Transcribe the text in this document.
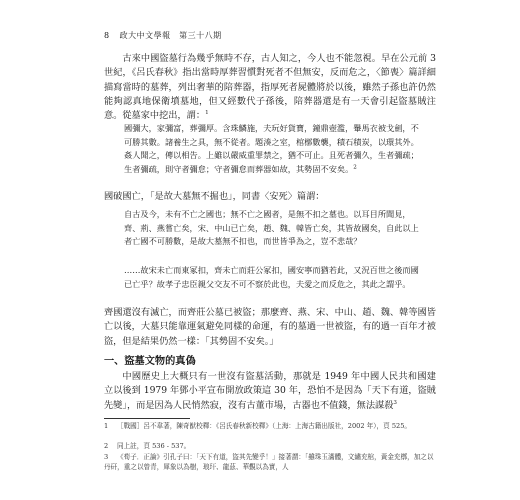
8 政大中文學報　第三十八期

古來中國盜墓行為幾乎無時不存，古人知之，今人也不能忽視。早在公元前 3 世紀，《呂氏春秋》指出當時厚葬習慣對死者不但無安，反而危之，〈節喪〉篇詳細描寫當時的墓葬，列出奢華的陪葬器，指厚死者屍體將於以後，雖然子孫也許仍然能夠認真地保衛墳墓地，但又經數代子孫後，陪葬器還是有一天會引起盜墓賊注意。從墓家中挖出，謂：$^1$

國彌大，家彌富，葬彌厚。含珠鱗施，夫玩好貨寶，鐘鼎壺濫，轝馬衣被戈劍，不可勝其數。諸養生之具，無不從者。題湊之室，棺槨數襲，積石積炭，以環其外。姦人聞之，傳以相告。上雖以嚴威重罪禁之，猶不可止。且死者彌久，生者彌疏；生者彌疏，則守者彌怠；守者彌怠而葬器如故，其勢固不安矣。$^2$

國破國亡，「是故大墓無不掘也」，同書〈安死〉篇謂：

自古及今，未有不亡之國也；無不亡之國者，是無不扣之墓也。以耳目所聞見，齊、荊、燕嘗亡矣，宋、中山已亡矣，趙、魏、韓皆亡矣，其皆故國矣，自此以上者亡國不可勝數，是故大墓無不扣也，而世皆爭為之，豈不悲哉？

……故宋未亡而東冢扣，齊未亡而莊公冢扣，國安寧而猶若此，又況百世之後而國已亡乎？故孝子忠臣親父交友不可不察於此也，夫愛之而反危之，其此之謂乎。

齊國還沒有滅亡，而齊莊公墓已被盜；那麼齊、燕、宋、中山、趙、魏、韓等國皆亡以後，大墓只能靠運氣避免同樣的命運，有的墓過一世被盜，有的過一百年才被盜，但是結果仍然一樣：「其勢固不安矣。」

一、盜墓文物的真偽

中國歷史上大概只有一世沒有盜墓活動，那就是 1949 年中國人民共和國建立以後到 1979 年鄧小平宣布開放政策這 30 年，恐怕不是因為「天下有道，盜賊先變」，而是因為人民悄然寂，沒有古董市場，古器也不值錢，無法謀殺$^3$

1 ［戰國］呂不韋著，陳奇猷校釋：《呂氏春秋新校釋》（上海：上海古籍出版社，2002 年），頁 525。

2 同上註，頁 536 - 537。

3 《荀子．正論》引孔子曰：「天下有道，盜其先變乎！」接著謂：「雖珠玉滿體，文繡充棺，黃金充槨，加之以丹矸，重之以曾青，犀象以為樹，琅玕、龍茲、華覲以為實，人
